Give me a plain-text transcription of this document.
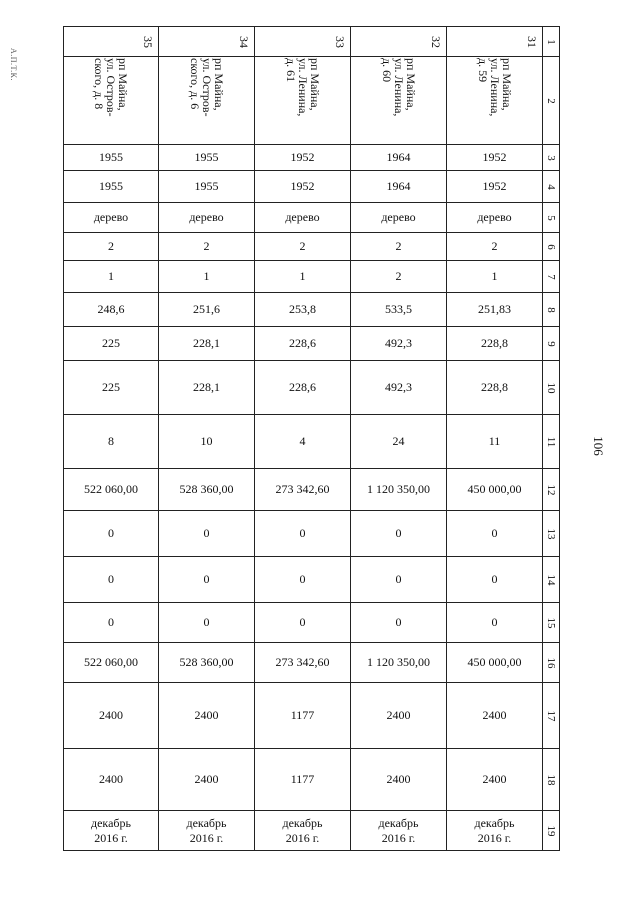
А.П.Т.К.
106
35	34	33	32	31	1

рп Майна,
ул. Остров-
ского, д. 8	рп Майна,
ул. Остров-
ского, д. 6	рп Майна,
ул. Ленина,
д. 61	рп Майна,
ул. Ленина,
д. 60	рп Майна,
ул. Ленина,
д. 59	2

1955	1955	1952	1964	1952	3

1955	1955	1952	1964	1952	4

дерево	дерево	дерево	дерево	дерево	5

2	2	2	2	2	6

1	1	1	2	1	7

248,6	251,6	253,8	533,5	251,83	8

225	228,1	228,6	492,3	228,8	9

225	228,1	228,6	492,3	228,8	10

8	10	4	24	11	11

522 060,00	528 360,00	273 342,60	1 120 350,00	450 000,00	12

0	0	0	0	0	13

0	0	0	0	0	14

0	0	0	0	0	15

522 060,00	528 360,00	273 342,60	1 120 350,00	450 000,00	16

2400	2400	1177	2400	2400	17

2400	2400	1177	2400	2400	18

декабрь
2016 г.	декабрь
2016 г.	декабрь
2016 г.	декабрь
2016 г.	декабрь
2016 г.	19
